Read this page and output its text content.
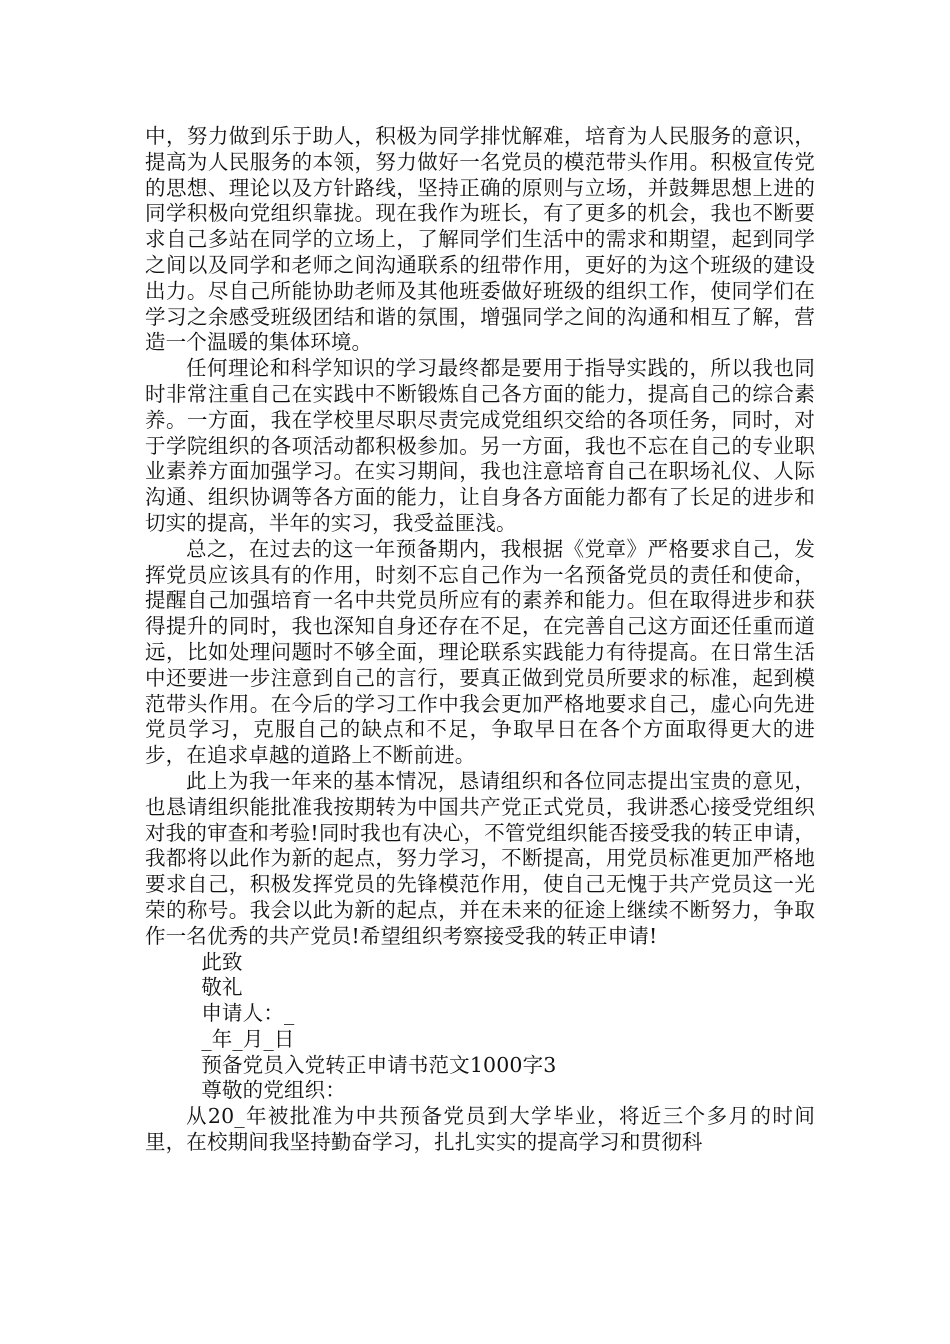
中，努力做到乐于助人，积极为同学排忧解难，培育为人民服务的意识，提高为人民服务的本领，努力做好一名党员的模范带头作用。积极宣传党的思想、理论以及方针路线，坚持正确的原则与立场，并鼓舞思想上进的同学积极向党组织靠拢。现在我作为班长，有了更多的机会，我也不断要求自己多站在同学的立场上，了解同学们生活中的需求和期望，起到同学之间以及同学和老师之间沟通联系的纽带作用，更好的为这个班级的建设出力。尽自己所能协助老师及其他班委做好班级的组织工作，使同学们在学习之余感受班级团结和谐的氛围，增强同学之间的沟通和相互了解，营造一个温暖的集体环境。

任何理论和科学知识的学习最终都是要用于指导实践的，所以我也同时非常注重自己在实践中不断锻炼自己各方面的能力，提高自己的综合素养。一方面，我在学校里尽职尽责完成党组织交给的各项任务，同时，对于学院组织的各项活动都积极参加。另一方面，我也不忘在自己的专业职业素养方面加强学习。在实习期间，我也注意培育自己在职场礼仪、人际沟通、组织协调等各方面的能力，让自身各方面能力都有了长足的进步和切实的提高，半年的实习，我受益匪浅。

总之，在过去的这一年预备期内，我根据《党章》严格要求自己，发挥党员应该具有的作用，时刻不忘自己作为一名预备党员的责任和使命，提醒自己加强培育一名中共党员所应有的素养和能力。但在取得进步和获得提升的同时，我也深知自身还存在不足，在完善自己这方面还任重而道远，比如处理问题时不够全面，理论联系实践能力有待提高。在日常生活中还要进一步注意到自己的言行，要真正做到党员所要求的标准，起到模范带头作用。在今后的学习工作中我会更加严格地要求自己，虚心向先进党员学习，克服自己的缺点和不足，争取早日在各个方面取得更大的进步，在追求卓越的道路上不断前进。

此上为我一年来的基本情况，恳请组织和各位同志提出宝贵的意见，也恳请组织能批准我按期转为中国共产党正式党员，我讲悉心接受党组织对我的审查和考验!同时我也有决心，不管党组织能否接受我的转正申请，我都将以此作为新的起点，努力学习，不断提高，用党员标准更加严格地要求自己，积极发挥党员的先锋模范作用，使自己无愧于共产党员这一光荣的称号。我会以此为新的起点，并在未来的征途上继续不断努力，争取作一名优秀的共产党员!希望组织考察接受我的转正申请!

此致

敬礼

申请人：_

_年_月_日

预备党员入党转正申请书范文1000字3

尊敬的党组织：

从20_年被批准为中共预备党员到大学毕业，将近三个多月的时间里，在校期间我坚持勤奋学习，扎扎实实的提高学习和贯彻科
